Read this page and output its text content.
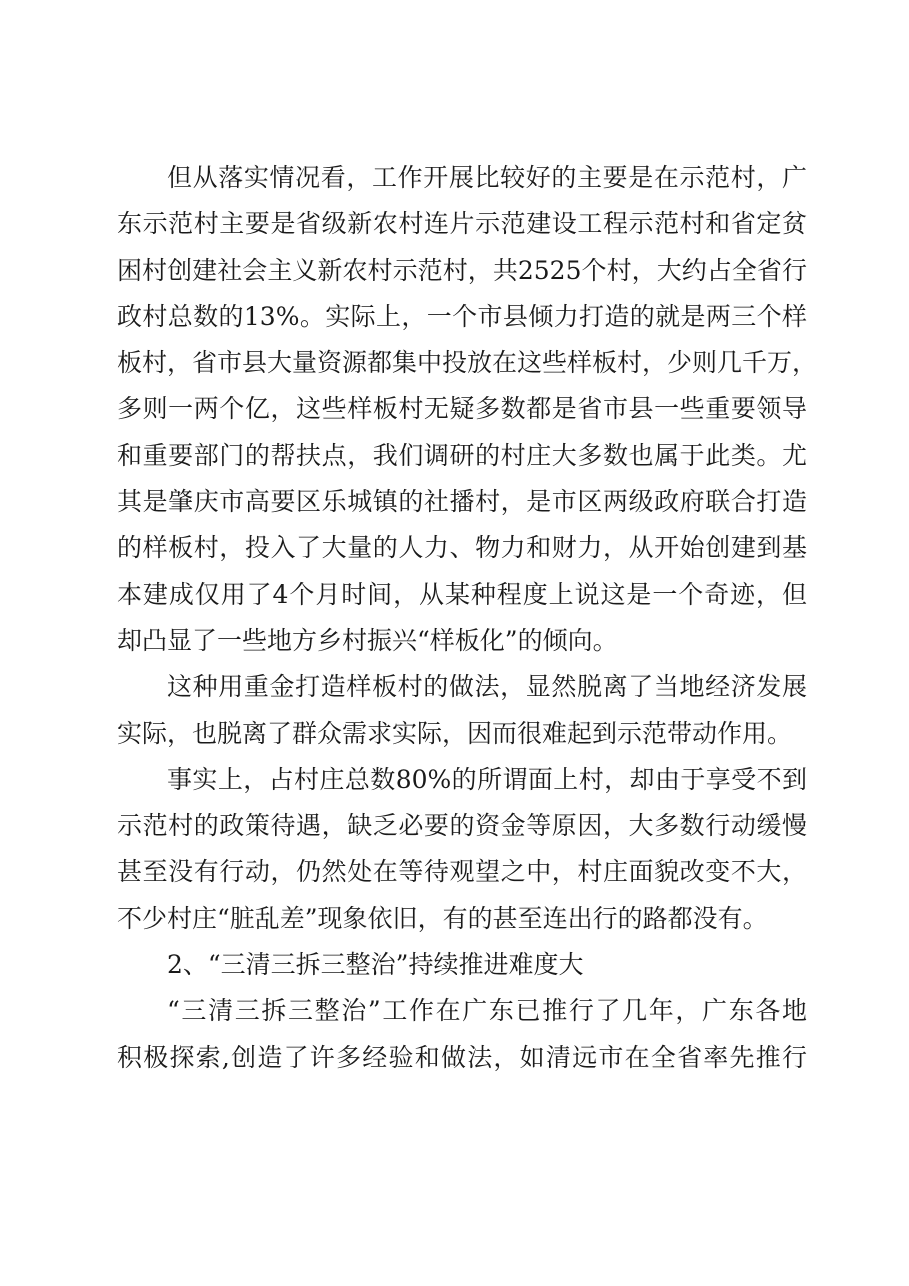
但从落实情况看，工作开展比较好的主要是在示范村，广
东示范村主要是省级新农村连片示范建设工程示范村和省定贫
困村创建社会主义新农村示范村，共2525个村，大约占全省行
政村总数的13%。实际上，一个市县倾力打造的就是两三个样
板村，省市县大量资源都集中投放在这些样板村，少则几千万，
多则一两个亿，这些样板村无疑多数都是省市县一些重要领导
和重要部门的帮扶点，我们调研的村庄大多数也属于此类。尤
其是肇庆市高要区乐城镇的社播村，是市区两级政府联合打造
的样板村，投入了大量的人力、物力和财力，从开始创建到基
本建成仅用了4个月时间，从某种程度上说这是一个奇迹，但
却凸显了一些地方乡村振兴“样板化”的倾向。
这种用重金打造样板村的做法，显然脱离了当地经济发展
实际，也脱离了群众需求实际，因而很难起到示范带动作用。
事实上，占村庄总数80%的所谓面上村，却由于享受不到
示范村的政策待遇，缺乏必要的资金等原因，大多数行动缓慢
甚至没有行动，仍然处在等待观望之中，村庄面貌改变不大，
不少村庄“脏乱差”现象依旧，有的甚至连出行的路都没有。
2、“三清三拆三整治”持续推进难度大
“三清三拆三整治”工作在广东已推行了几年，广东各地
积极探索,创造了许多经验和做法，如清远市在全省率先推行
